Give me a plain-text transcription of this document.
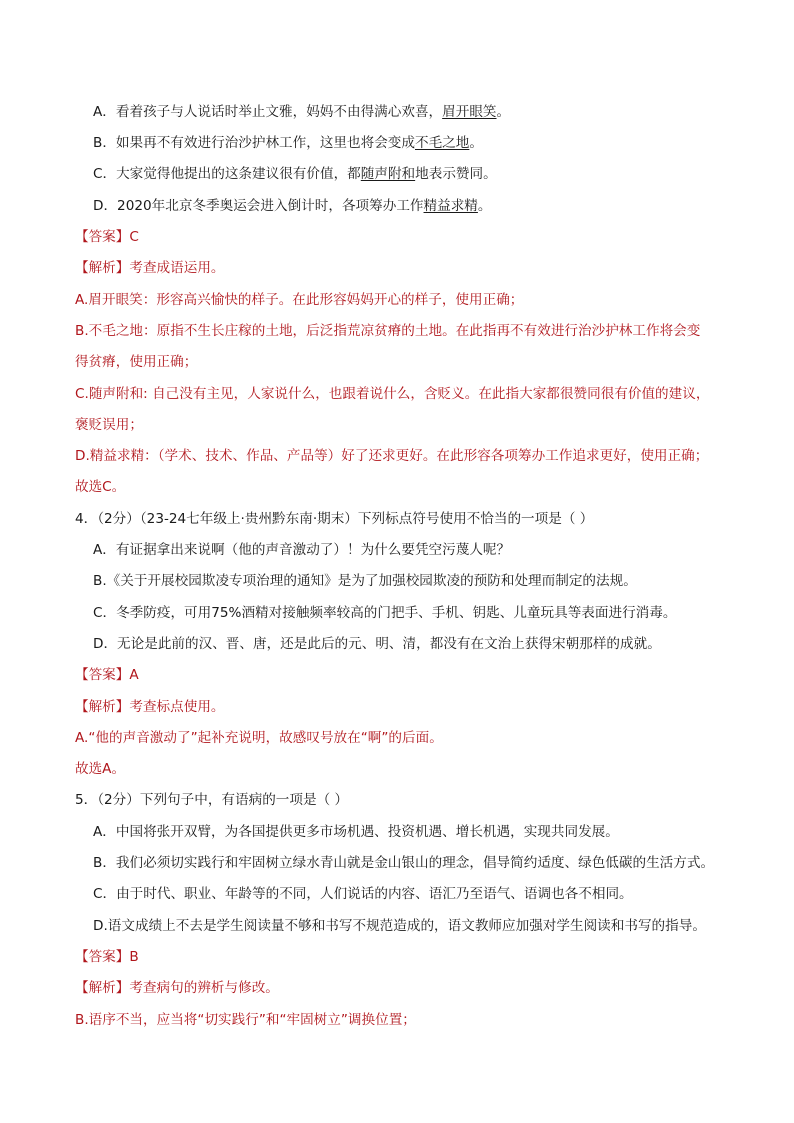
A．看着孩子与人说话时举止文雅，妈妈不由得满心欢喜，眉开眼笑。
B．如果再不有效进行治沙护林工作，这里也将会变成不毛之地。
C．大家觉得他提出的这条建议很有价值，都随声附和地表示赞同。
D．2020年北京冬季奥运会进入倒计时，各项筹办工作精益求精。
【答案】C
【解析】考查成语运用。
A.眉开眼笑：形容高兴愉快的样子。在此形容妈妈开心的样子，使用正确；
B.不毛之地：原指不生长庄稼的土地，后泛指荒凉贫瘠的土地。在此指再不有效进行治沙护林工作将会变
得贫瘠，使用正确；
C.随声附和: 自己没有主见，人家说什么，也跟着说什么，含贬义。在此指大家都很赞同很有价值的建议，
褒贬误用；
D.精益求精：（学术、技术、作品、产品等）好了还求更好。在此形容各项筹办工作追求更好，使用正确；
故选C。
4．（2分）（23-24七年级上·贵州黔东南·期末）下列标点符号使用不恰当的一项是（ ）
A．有证据拿出来说啊（他的声音激动了）！为什么要凭空污蔑人呢？
B.《关于开展校园欺凌专项治理的通知》是为了加强校园欺凌的预防和处理而制定的法规。
C．冬季防疫，可用75%酒精对接触频率较高的门把手、手机、钥匙、儿童玩具等表面进行消毒。
D．无论是此前的汉、晋、唐，还是此后的元、明、清，都没有在文治上获得宋朝那样的成就。
【答案】A
【解析】考查标点使用。
A.“他的声音激动了”起补充说明，故感叹号放在“啊”的后面。
故选A。
5．（2分）下列句子中，有语病的一项是（ ）
A．中国将张开双臂，为各国提供更多市场机遇、投资机遇、增长机遇，实现共同发展。
B．我们必须切实践行和牢固树立绿水青山就是金山银山的理念，倡导简约适度、绿色低碳的生活方式。
C．由于时代、职业、年龄等的不同，人们说话的内容、语汇乃至语气、语调也各不相同。
D.语文成绩上不去是学生阅读量不够和书写不规范造成的，语文教师应加强对学生阅读和书写的指导。
【答案】B
【解析】考查病句的辨析与修改。
B.语序不当，应当将“切实践行”和“牢固树立”调换位置；
